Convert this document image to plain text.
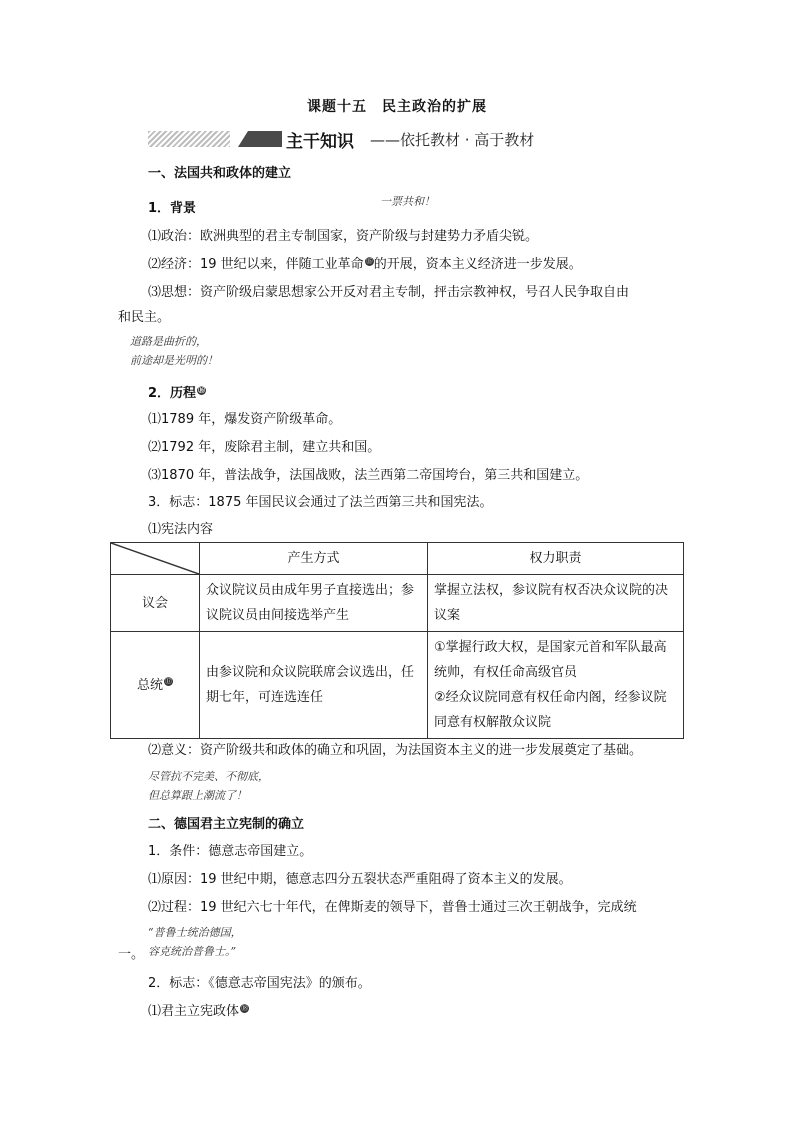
课题十五　民主政治的扩展
主干知识 ——依托教材 · 高于教材
一、法国共和政体的建立
1．背景	一票共和！
⑴政治：欧洲典型的君主专制国家，资产阶级与封建势力矛盾尖锐。
⑵经济：19 世纪以来，伴随工业革命 ⑮的开展，资本主义经济进一步发展。
⑶思想：资产阶级启蒙思想家公开反对君主专制，抨击宗教神权，号召人民争取自由
和民主。
道路是曲折的，
前途却是光明的！
2．历程 ⑯
⑴1789 年，爆发资产阶级革命。
⑵1792 年，废除君主制，建立共和国。
⑶1870 年，普法战争，法国战败，法兰西第二帝国垮台，第三共和国建立。
3．标志：1875 年国民议会通过了法兰西第三共和国宪法。
⑴宪法内容
	产生方式	权力职责
议会	众议院议员由成年男子直接选出；参议院议员由间接选举产生	掌握立法权，参议院有权否决众议院的决议案
总统 ⑰	由参议院和众议院联席会议选出，任期七年，可连选连任	①掌握行政大权，是国家元首和军队最高统帅，有权任命高级官员
②经众议院同意有权任命内阁，经参议院同意有权解散众议院
⑵意义：资产阶级共和政体的确立和巩固，为法国资本主义的进一步发展奠定了基础。
尽管抗不完美、不彻底，
但总算跟上潮流了！
二、德国君主立宪制的确立
1．条件：德意志帝国建立。
⑴原因：19 世纪中期，德意志四分五裂状态严重阻碍了资本主义的发展。
⑵过程：19 世纪六七十年代，在俾斯麦的领导下，普鲁士通过三次王朝战争，完成统
“普鲁士统治德国，
一。 容克统治普鲁士。”
2．标志：《德意志帝国宪法》的颁布。
⑴君主立宪政体 ⑱
